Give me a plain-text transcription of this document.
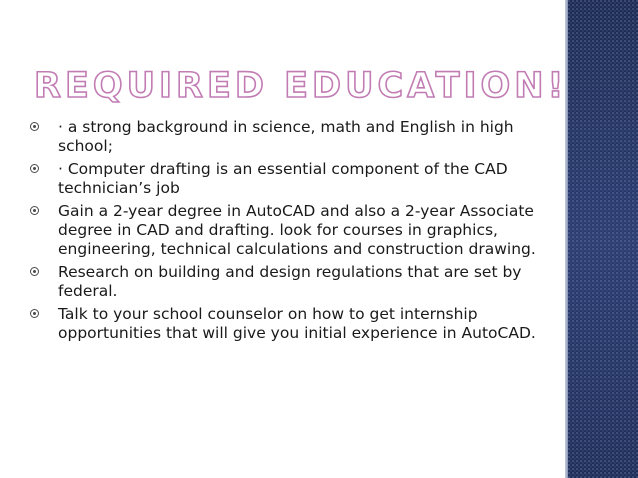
REQUIRED EDUCATION!
· a strong background in science, math and English in high school;
· Computer drafting is an essential component of the CAD technician’s job
Gain a 2-year degree in AutoCAD and also a 2-year Associate degree in CAD and drafting. look for courses in graphics, engineering, technical calculations and construction drawing.
Research on building and design regulations that are set by federal.
Talk to your school counselor on how to get internship opportunities that will give you initial experience in AutoCAD.
